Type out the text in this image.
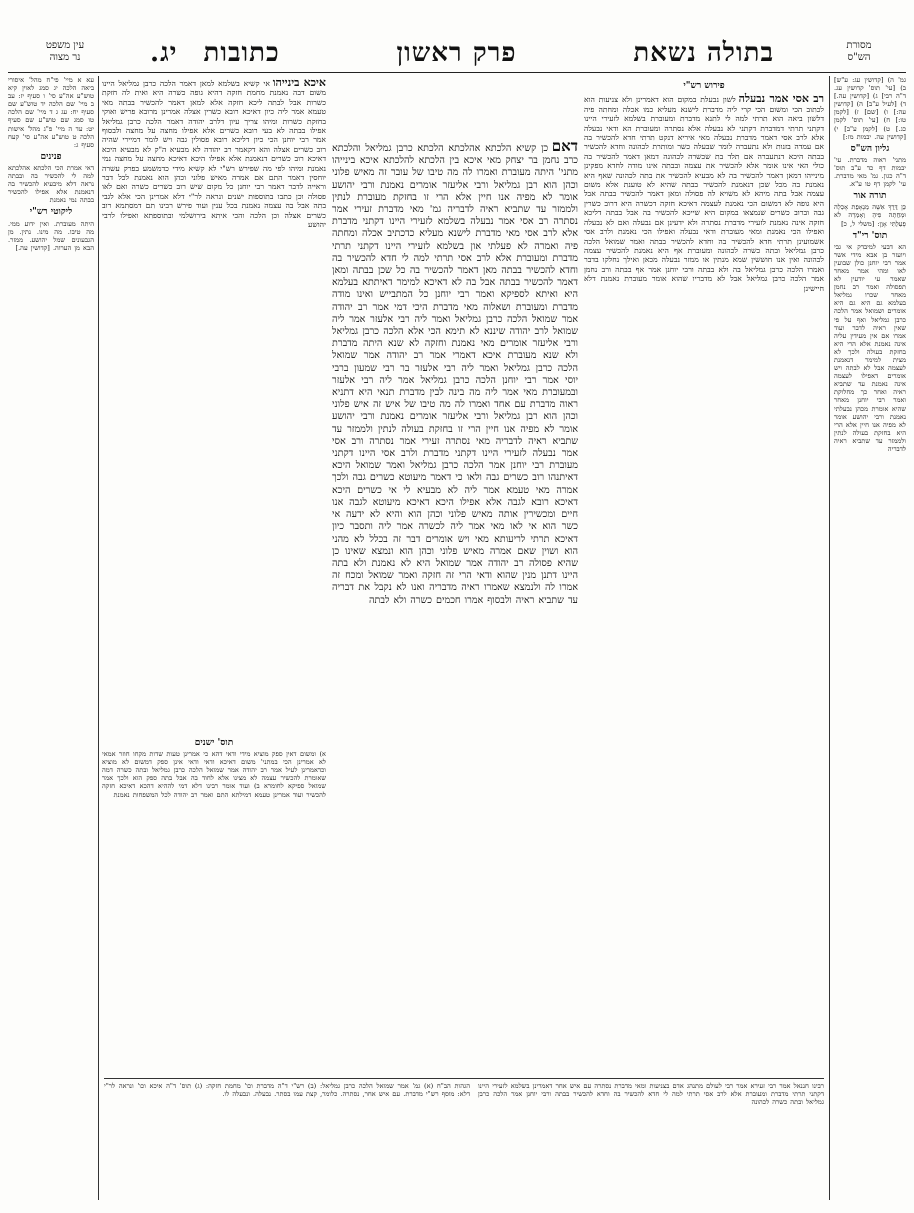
מסורת
הש"ס
עין משפט
נר מצוה	בתולה נשאת
פרק ראשון
כתובות
יג.
גמ' ה) [קדושין עג: ע"ש] ב) [עי' תוס' קדושין עג. ד"ה רבי] ג) [קדושין עה.] ד) [לעיל ע"ב] ה) [קדושין עה:] ו) [שם] ז) [לקמן טו:] ח) [עי' תוס' לקמן כג.] ט) [לקמן ע"ב] י) [קדושין עה. יבמות מז:]
גליון הש"ס
מתני' ראוה מדברת. עי' יבמות דף כד ע"ב תוס' ד"ה כגון. גמ' מאי מדברת. עי' לקמן דף טו ע"א.
תורה אור
כֵּן דֶּרֶךְ אִשָּׁה מְנָאָפֶת אָכְלָה וּמָחֲתָה פִיהָ וְאָמְרָה לֹא פָעַלְתִּי אָוֶן: [משלי ל, כ]
תוס' רי"ד
הא דבעי למיבדק אי גבי ויועזר בן אבא מידי אשר אמר רבי יוחנן כולן שבועין לאו ומהי אמר מאחר שאמר עי יודעין לא תפסולה ואמר רב נחמן מאחר שכרו גמליאל בעלמא גם היא גם היא אומרים ושמואל אמר הלכה כרבן גמליאל ואף על פי שאין ראיה לדבר ועוד אמרו אם אין מעידין עליה אינה נאמנת אלא הרי היא בחזקת בעולה ולכך לא מצית למימר דנאמנת לעצמה אבל לא לבתה ויש אומרים דאפילו לעצמה אינה נאמנת עד שתביא ראיה ואחר כך מחלוקת ואמר רבי יוחנן מאחר שהיא אומרת מכהן נבעלתי נאמנת ורבי יהושע אומר לא מפיה אנו חיין אלא הרי היא בחזקת בעולה לנתין ולממזר עד שתביא ראיה לדבריה
פירוש רש"י
רב אסי אמר נבעלה לשון נבעלת במקום הוא דאמרינן ולא צניעות הוא לכתוב הכי ומשום הכי קרי ליה מדברת לישנא מעליא כמו אכלה ומחתה פיה דלשון ביאה הוא תרתי למה לי לתנא מדברת ומעוברת בשלמא לזעירי היינו דקתני תרתי דמדברת דקתני לא נבעלה אלא נסתרה ומעוברת הא ודאי נבעלה אלא לרב אסי דאמר מדברת נבעלה מאי איריא דנקט תרתי חדא להכשיר בה אם עמדה בזנות ולא נתעברה לומר שבעלה כשר ומותרת לכהונה וחדא להכשיר בבתה היכא דנתעברה אם תלד בת שכשרה לכהונה דמאן דאמר להכשיר בה כולי האי אינו אומר אלא להכשיר את עצמה ובבתה אינו מודה לחדא מפקינן מינייהו דמאן דאמר להכשיר בה לא מבעיא להכשיר את בתה לכהונה שאף היא נאמנת בה מכל שכן דנאמנת להכשיר בבתה שהיא לא טוענת אלא משום עצמה אבל בתה מיהא לא משויא לה פסולה ומאן דאמר להכשיר בבתה אבל היא גופה לא דמשום הכי נאמנת לעצמה דאיכא חזקה דכשרה היא דרוב כשרין גבה וברוב כשרים שנמצאו במקום היא שייכא להכשיר בה אבל בבתה דליכא חזקה אינה נאמנת לזעירי מדברת נסתרה ולא ידעינן אם נבעלה ואם לא נבעלה ואפילו הכי נאמנת ומאי מעוברת ודאי נבעלה ואפילו הכי נאמנת ולרב אסי אשמועינן תרתי חדא להכשיר בה וחדא להכשיר בבתה ואמר שמואל הלכה כרבן גמליאל ובתה כשרה לכהונה ומעוברת אף היא נאמנת להכשיר עצמה לכהונה ואין אנו חוששין שמא מנתין או ממזר נבעלה מכאן ואילך נחלקו בדבר ואמרו הלכה כרבן גמליאל בה ולא בבתה ורבי יוחנן אמר אף בבתה ורב נחמן אמר הלכה כרבן גמליאל אבל לא מדבריו שהוא אומר מעוברת נאמנת דלא חיישינן
דאם כן קשיא הלכתא אהלכתא הלכתא כרבן גמליאל והלכתא כרב נחמן בר יצחק מאי איכא בין הלכתא להלכתא איכא בינייהו מתני' היתה מעוברת ואמרו לה מה טיבו של עובר זה מאיש פלוני וכהן הוא רבן גמליאל ורבי אליעזר אומרים נאמנת ורבי יהושע אומר לא מפיה אנו חיין אלא הרי זו בחזקת מעוברת לנתין ולממזר עד שתביא ראיה לדבריה גמ' מאי מדברת זעירי אמר נסתרה רב אסי אמר נבעלה בשלמא לזעירי היינו דקתני מדברת אלא לרב אסי מאי מדברת לישנא מעליא כדכתיב אכלה ומחתה פיה ואמרה לא פעלתי און בשלמא לזעירי היינו דקתני תרתי מדברת ומעוברת אלא לרב אסי תרתי למה לי חדא להכשיר בה וחדא להכשיר בבתה מאן דאמר להכשיר בה כל שכן בבתה ומאן דאמר להכשיר בבתה אבל בה לא דאיכא למימר דאיתתא בעלמא היא ואיתא לספיקא ואמר רבי יוחנן כל המתבייש ואינו מודה מדברת ומעוברת ושאלוה מאי מדברת היכי דמי אמר רב יהודה אמר שמואל הלכה כרבן גמליאל ואמר ליה רבי אלעזר אמר ליה שמואל לרב יהודה שיננא לא תימא הכי אלא הלכה כרבן גמליאל ורבי אליעזר אומרים מאי נאמנת וחזקה לא שנא היתה מדברת ולא שנא מעוברת איכא דאמרי אמר רב יהודה אמר שמואל הלכה כרבן גמליאל ואמר ליה רבי אלעזר בר רבי שמעון ברבי יוסי אמר רבי יוחנן הלכה כרבן גמליאל אמר ליה רבי אלעזר ובמעוברת מאי אמר ליה מה בינה לבין מדברת תנאי היא דתניא ראוה מדברת עם אחד ואמרו לה מה טיבו של איש זה איש פלוני וכהן הוא רבן גמליאל ורבי אליעזר אומרים נאמנת ורבי יהושע אומר לא מפיה אנו חיין הרי זו בחזקת בעולה לנתין ולממזר עד שתביא ראיה לדבריה מאי נסתרה זעירי אמר נסתרה ורב אסי אמר נבעלה לזעירי היינו דקתני מדברת ולרב אסי היינו דקתני מעוברת רבי יוחנן אמר הלכה כרבן גמליאל ואמר שמואל היכא דאיתנהו רוב כשרים גבה ולאו כי דאמר מיעוטא כשרים גבה ולכך אמרה מאי טעמא אמר ליה לא מבעיא לי אי כשרים היכא דאיכא רובא לגבה אלא אפילו היכא דאיכא מיעוטא לגבה אנו חיים ומכשירין אותה מאיש פלוני וכהן הוא והיא לא ידעה אי כשר הוא אי לאו מאי אמר ליה לכשרה אמר ליה ותסבר כיון דאיכא תרתי לריעותא מאי ויש אומרים דבר זה בכלל לא מהני הוא ושוין שאם אמרה מאיש פלוני וכהן הוא ונמצא שאינו כן שהיא פסולה רב יהודה אמר שמואל היא לא נאמנת ולא בתה היינו דתנן מנין שהוא ודאי הרי זה חזקה ואמר שמואל ומכח זה אמרו לה ולנמצא שאמרו ראיה מדבריה ואנו לא נקבל את דבריה עד שתביא ראיה ולבסוף אמרו חכמים כשרה ולא לבתה
איכא בינייהו אי קשיא בשלמא למאן דאמר הלכה כרבן גמליאל היינו משום דבה נאמנת מחמת חזקה דהיא גופה כשרה היא ואית לה חזקת כשרות אבל לבתה ליכא חזקה אלא למאן דאמר להכשיר בבתה מאי טעמא אמר ליה כיון דאיכא רובא כשרין אצלה אמרינן מרובא פריש ואוקי בחזקת כשרות ומיהו צריך עיון דלרב יהודה דאמר הלכה כרבן גמליאל אפילו בבתה לא בעי רובא כשרים אלא אפילו מחצה על מחצה ולבסוף אמר רבי יוחנן הכי כיון דליכא רובא פסולין גבה ויש לומר דמיירי שהיה רוב כשרים אצלה והא דקאמר רב יהודה לא מבעיא ה"ק לא מבעיא היכא דאיכא רוב כשרים דנאמנת אלא אפילו היכא דאיכא מחצה על מחצה נמי נאמנת ומיהו לפי מה שפירש רש"י לא קשיא מידי כדמשמע בפרק עשרה יוחסין דאמר התם אם אמרה מאיש פלוני וכהן הוא נאמנת לכל דבר וראייה לדבר דאמר רבי יוחנן כל מקום שיש רוב כשרים כשרה ואם לאו פסולה וכן כתבו בתוספות ישנים ונראה לר"י דלא אמרינן הכי אלא לגבי בתה אבל בה עצמה נאמנת בכל ענין ועוד פירש רבינו תם דמסתמא רוב כשרים אצלה וכן הלכה והכי איתא בירושלמי ובתוספתא ואפילו לרבי יהושע
תוס' ישנים
א) ומשום דאין ספק מוציא מידי ודאי דהא כי אמרינן טעות שדות מקחו חוזר אמאי לא אמרינן הכי במתני' משום דאיכא ודאי ודאי אינן ספק דמשום לא מוציא וכדאמרינן לעיל אמר רב יהודה אמר שמואל הלכה כרבן גמליאל ובתה כשרה דמה שאומרת להכשיר עצמה לא מצינו אלא לחוד בה אבל בתה ספק הוא ולכך אמר שמואל ספיקא לחומרא ב) ועוד אומר רבינו דלא דמי לההיא דהכא דאיכא חזקה להכשיר ועוד אמרינן טעמא דמילתא התם ואמר רב יהודה לכל המשפחות נאמנת
עא א מיי' פי"ח מהל' איסורי ביאה הלכה יג סמג לאוין קיא טוש"ע אה"ע סי' ו סעיף יז: עב ב מיי' שם הלכה יד טוש"ע שם סעיף יח: עג ג ד מיי' שם הלכה טו סמג שם טוש"ע שם סעיף יט: עד ה מיי' פ"ג מהל' אישות הלכה ט טוש"ע אה"ע סי' קעח סעיף ג:
פנינים
דאי אמרת הכי הלכתא אהלכתא למה לי להכשיר בה ובבתה נראה דלא מיבעיא להכשיר בה דנאמנת אלא אפילו להכשיר בבתה נמי נאמנת
ליקוטי רש"י
היתה מעוברת. ואין ידוע ממי. מה טיבו. מה מינו. נתין. מן הגבעונים שמל יהושע. ממזר. הבא מן הערוה. [קדושין עה.]
רבינו חננאל אמר רבי זעירא אמר רבי לעולם מתנהג אדם בצניעות ומאי מדברת נסתרה עם איש אחר דאמרינן בשלמא לזעירי היינו דקתני תרתי מדברת ומעוברת אלא לרב אסי תרתי למה לי חדא להכשיר בה וחדא להכשיר בבתה ורבי יוחנן אמר הלכה כרבן גמליאל ובתה כשרה לכהונה
הגהות הב"ח (א) גמ' אמר שמואל הלכה כרבן גמליאל: (ב) רש"י ד"ה מדברת וכו' מחמת חזקה: (ג) תוס' ד"ה איכא וכו' ונראה לר"י דלא: מוסף רש"י מדברת. עם איש אחר, נסתרה. כלומר, קצת עמו בסתר. נבעלה. ונבעלה לו.
